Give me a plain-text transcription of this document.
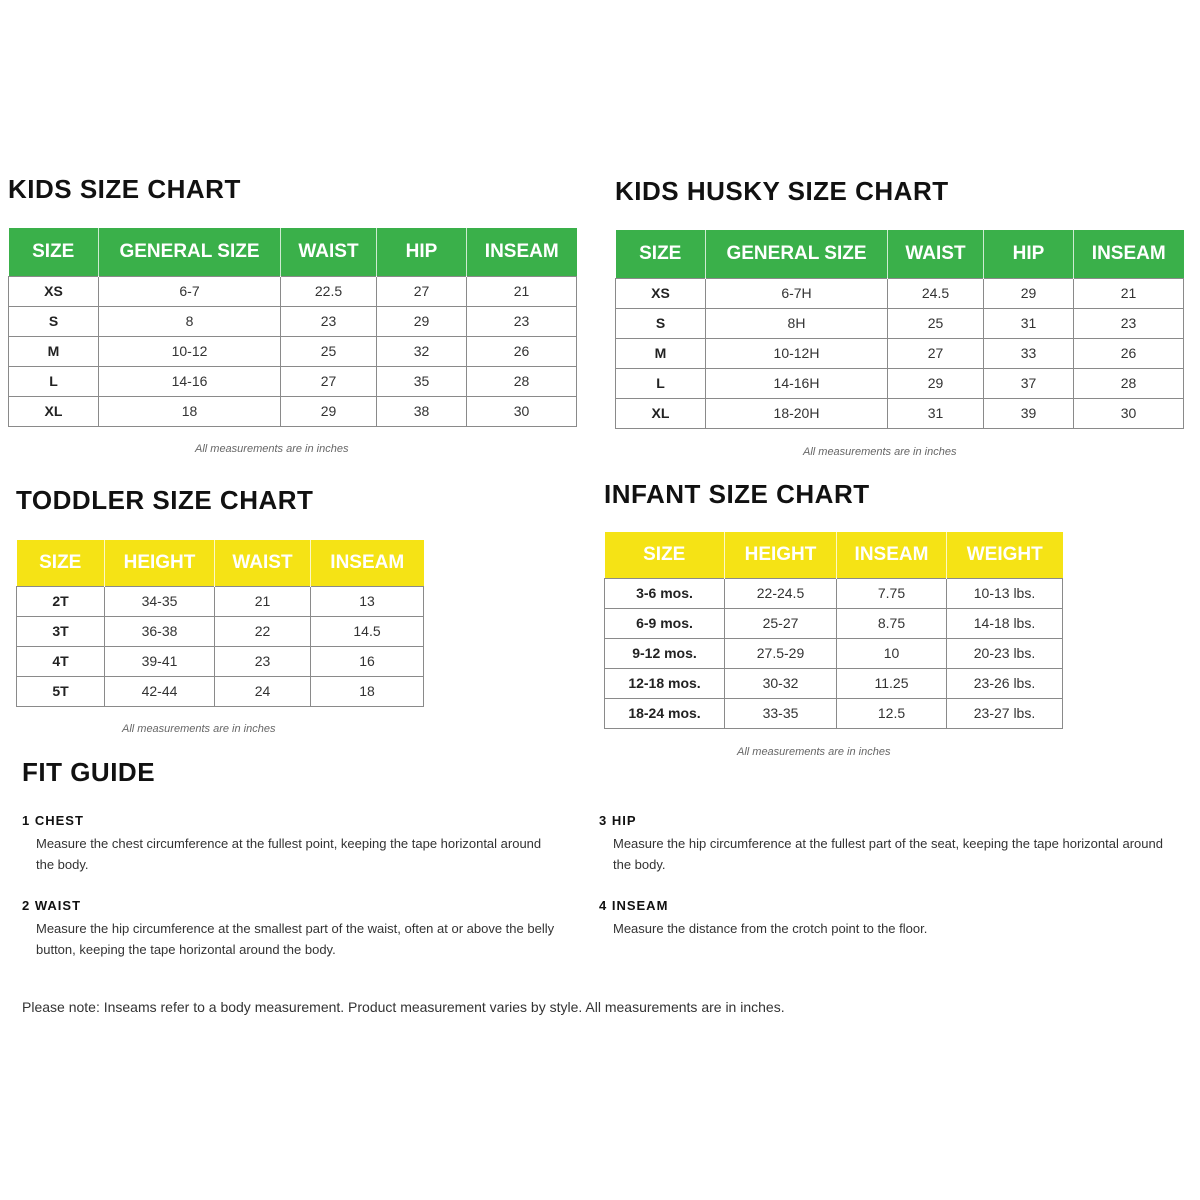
KIDS SIZE CHART
SIZE	GENERAL SIZE	WAIST	HIP	INSEAM
XS	6-7	22.5	27	21
S	8	23	29	23
M	10-12	25	32	26
L	14-16	27	35	28
XL	18	29	38	30
All measurements are in inches
KIDS HUSKY SIZE CHART
SIZE	GENERAL SIZE	WAIST	HIP	INSEAM
XS	6-7H	24.5	29	21
S	8H	25	31	23
M	10-12H	27	33	26
L	14-16H	29	37	28
XL	18-20H	31	39	30
All measurements are in inches
TODDLER SIZE CHART
SIZE	HEIGHT	WAIST	INSEAM
2T	34-35	21	13
3T	36-38	22	14.5
4T	39-41	23	16
5T	42-44	24	18
All measurements are in inches
INFANT SIZE CHART
SIZE	HEIGHT	INSEAM	WEIGHT
3-6 mos.	22-24.5	7.75	10-13 lbs.
6-9 mos.	25-27	8.75	14-18 lbs.
9-12 mos.	27.5-29	10	20-23 lbs.
12-18 mos.	30-32	11.25	23-26 lbs.
18-24 mos.	33-35	12.5	23-27 lbs.
All measurements are in inches
FIT GUIDE
1 CHEST
Measure the chest circumference at the fullest point, keeping the tape horizontal around the body.
2 WAIST
Measure the hip circumference at the smallest part of the waist, often at or above the belly button, keeping the tape horizontal around the body.
3 HIP
Measure the hip circumference at the fullest part of the seat, keeping the tape horizontal around the body.
4 INSEAM
Measure the distance from the crotch point to the floor.
Please note: Inseams refer to a body measurement. Product measurement varies by style. All measurements are in inches.
